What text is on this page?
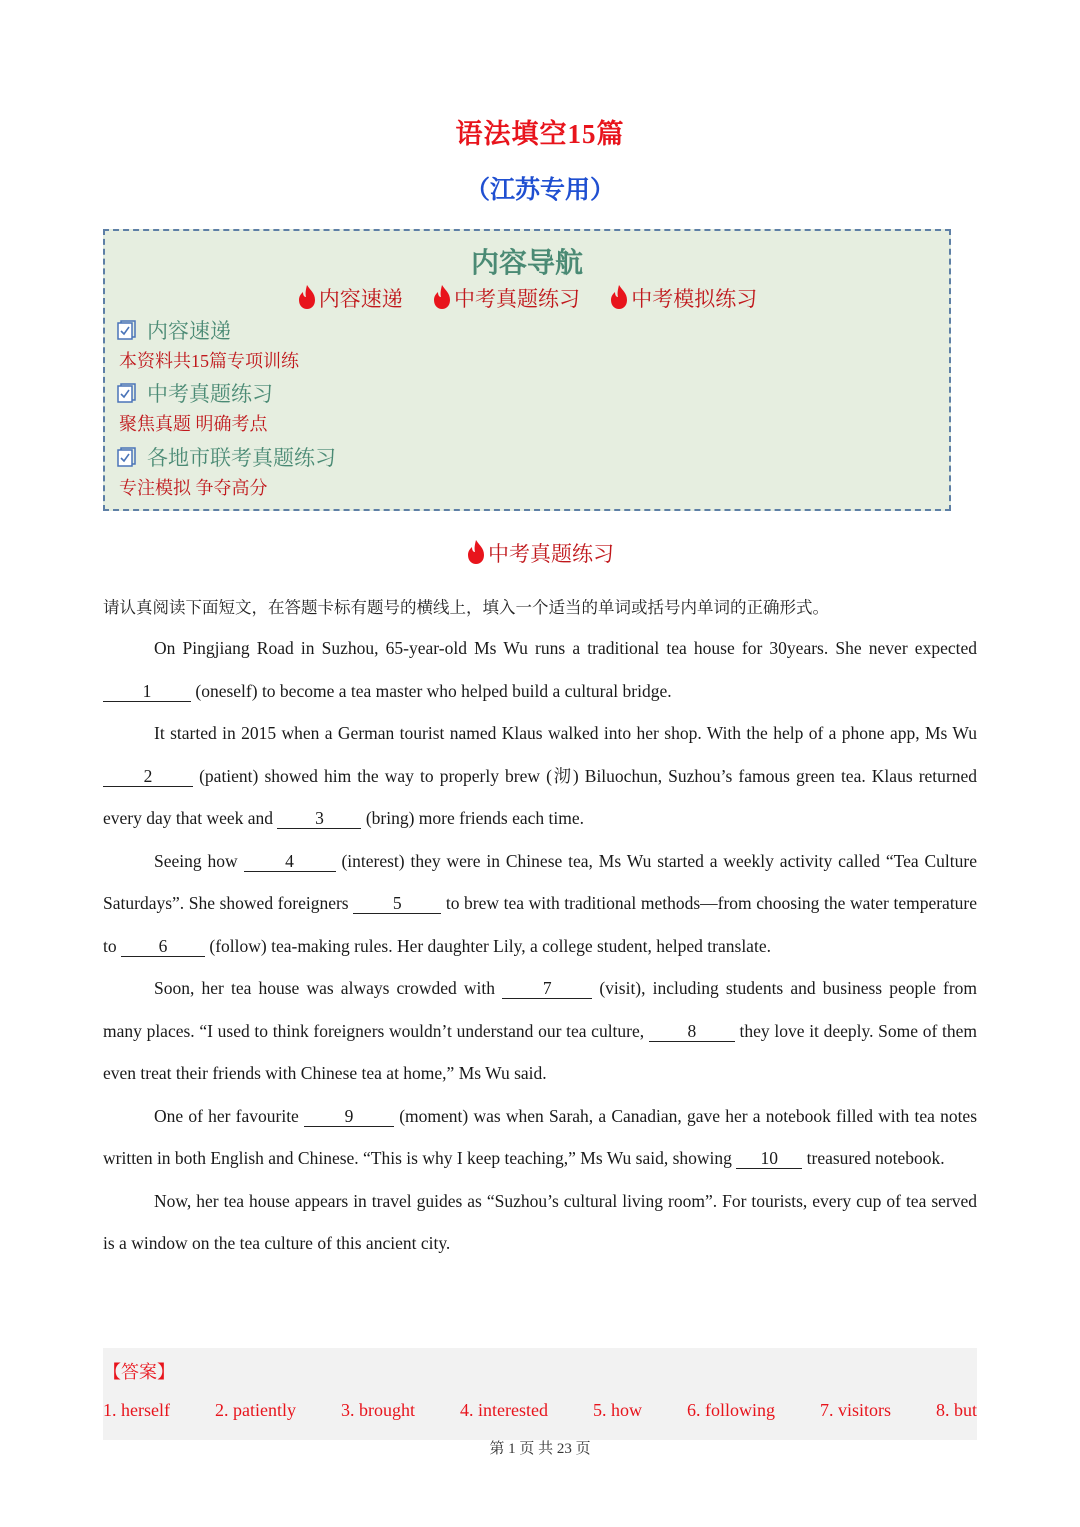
语法填空15篇
（江苏专用）
内容导航
内容速递 中考真题练习 中考模拟练习
内容速递
本资料共15篇专项训练
中考真题练习
聚焦真题 明确考点
各地市联考真题练习
专注模拟 争夺高分
中考真题练习
请认真阅读下面短文，在答题卡标有题号的横线上，填入一个适当的单词或括号内单词的正确形式。

On Pingjiang Road in Suzhou, 65-year-old Ms Wu runs a traditional tea house for 30years. She never expected 1	(oneself) to become a tea master who helped build a cultural bridge.

It started in 2015 when a German tourist named Klaus walked into her shop. With the help of a phone app, Ms Wu 2	(patient) showed him the way to properly brew (沏) Biluochun, Suzhou’s famous green tea. Klaus returned every day that week and 3 (bring) more friends each time.

Seeing how	4	(interest) they were in Chinese tea, Ms Wu started a weekly activity called “Tea Culture Saturdays”. She showed foreigners	5	to brew tea with traditional methods—from choosing the water temperature to 6 (follow) tea-making rules. Her daughter Lily, a college student, helped translate.

Soon, her tea house was always crowded with	7	(visit), including students and business people from many places. “I used to think foreigners wouldn’t understand our tea culture, 8 they love it deeply. Some of them even treat their friends with Chinese tea at home,” Ms Wu said.

One of her favourite	9	(moment) was when Sarah, a Canadian, gave her a notebook filled with tea notes written in both English and Chinese. “This is why I keep teaching,” Ms Wu said, showing 10 treasured notebook.

Now, her tea house appears in travel guides as “Suzhou’s cultural living room”. For tourists, every cup of tea served is a window on the tea culture of this ancient city.

【答案】
1. herself	2. patiently	3. brought	4. interested	5. how	6. following	7. visitors	8. but
第 1 页 共 23 页
